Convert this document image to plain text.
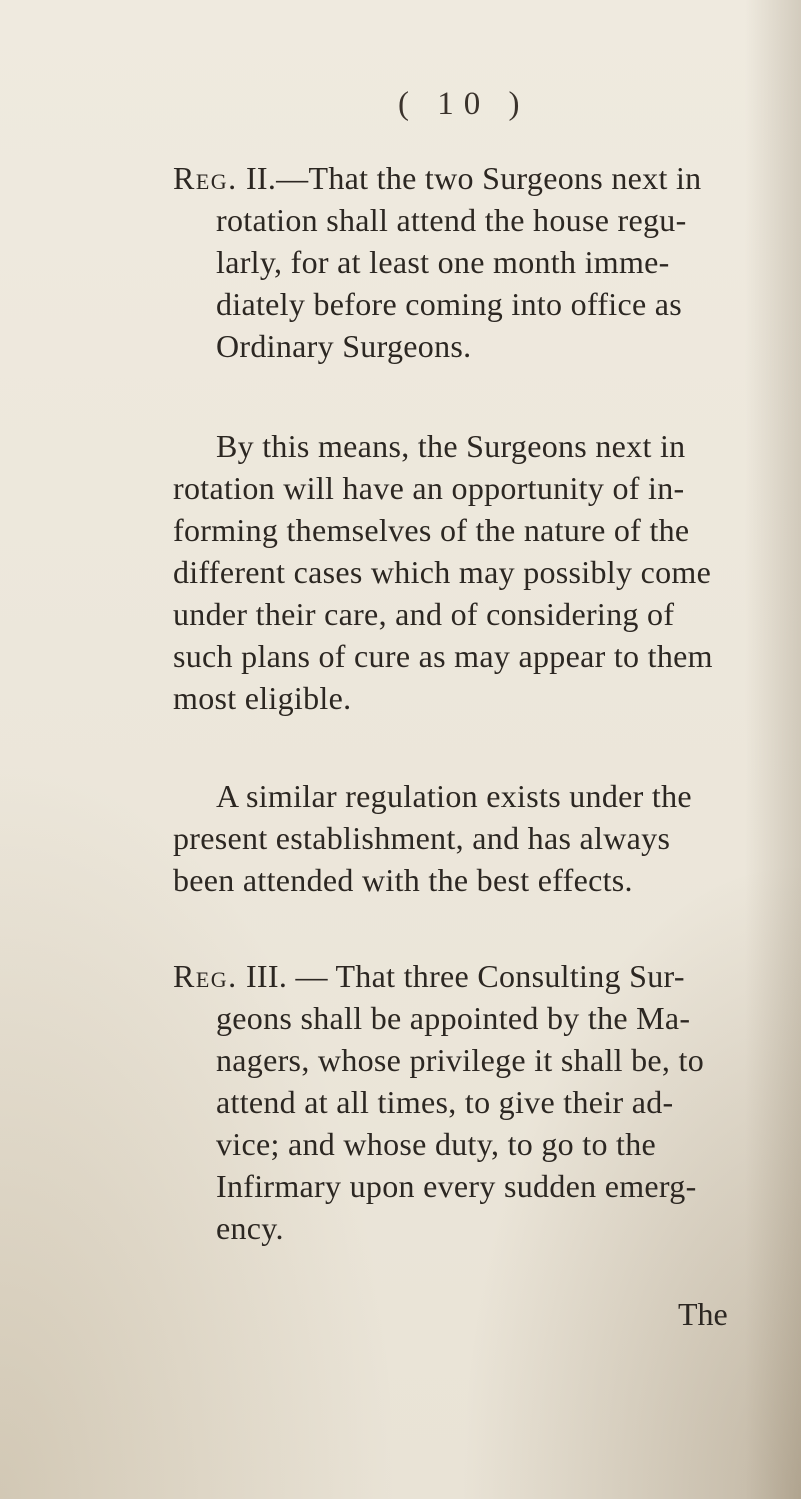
( 10 )
Reg. II.—That the two Surgeons next in
rotation shall attend the house regu-
larly, for at least one month imme-
diately before coming into office as
Ordinary Surgeons.
By this means, the Surgeons next in
rotation will have an opportunity of in-
forming themselves of the nature of the
different cases which may possibly come
under their care, and of considering of
such plans of cure as may appear to them
most eligible.
A similar regulation exists under the
present establishment, and has always
been attended with the best effects.
Reg. III. — That three Consulting Sur-
geons shall be appointed by the Ma-
nagers, whose privilege it shall be, to
attend at all times, to give their ad-
vice; and whose duty, to go to the
Infirmary upon every sudden emerg-
ency.
The
